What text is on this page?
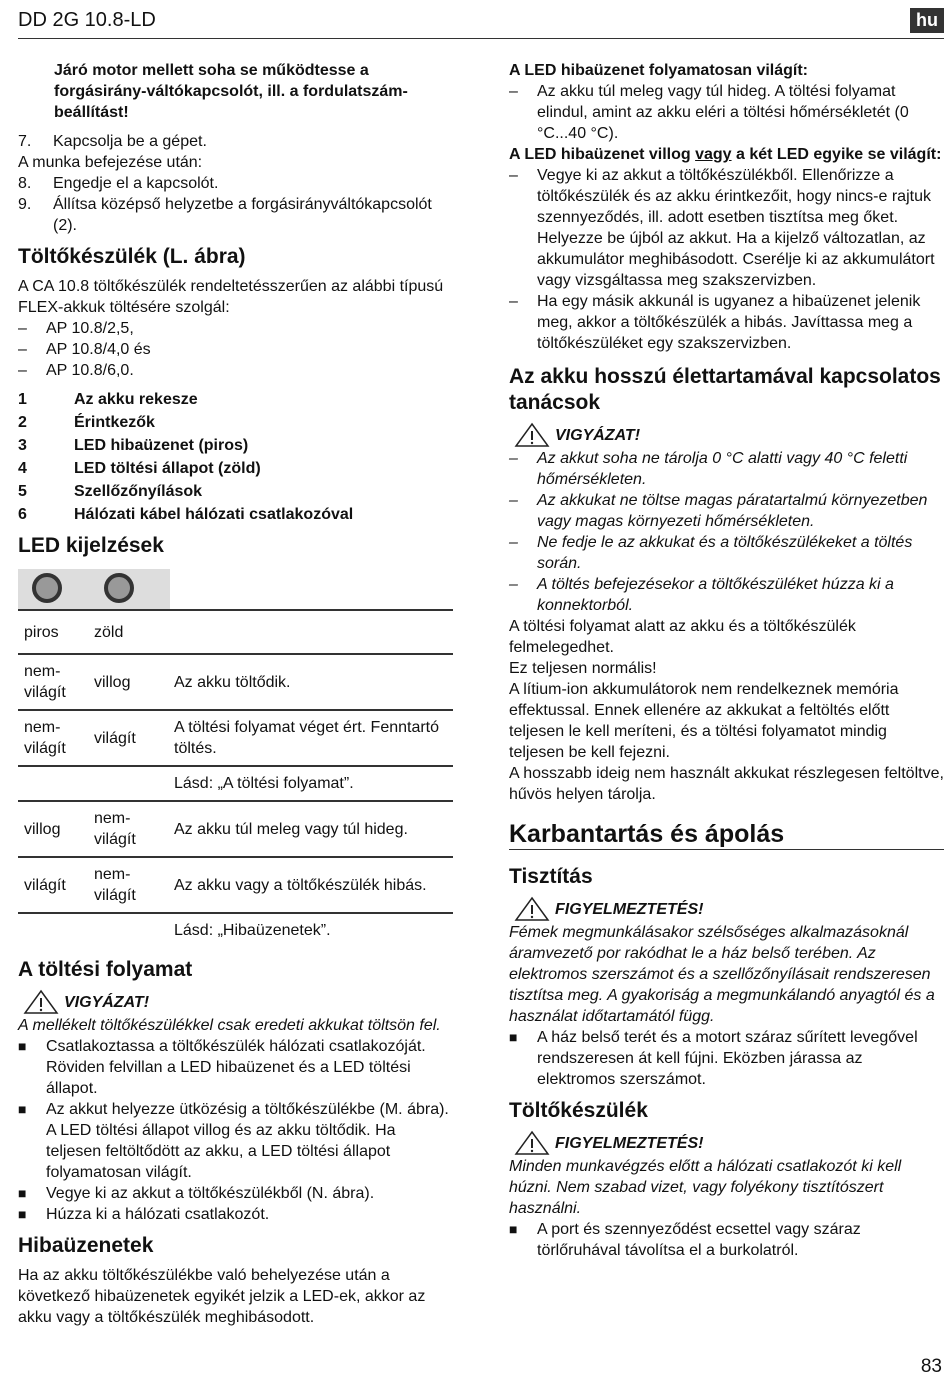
DD 2G 10.8-LD	hu

Járó motor mellett soha se működtesse a forgásirány-váltókapcsolót, ill. a fordulatszám-beállítást!

7.	Kapcsolja be a gépet.

A munka befejezése után:

8.	Engedje el a kapcsolót.
9.	Állítsa középső helyzetbe a forgásirányváltókapcsolót (2).
Töltőkészülék (L. ábra)

A CA 10.8 töltőkészülék rendeltetésszerűen az alábbi típusú FLEX-akkuk töltésére szolgál:

–	AP 10.8/2,5,
–	AP 10.8/4,0 és
–	AP 10.8/6,0.
1	Az akku rekesze
2	Érintkezők
3	LED hibaüzenet (piros)
4	LED töltési állapot (zöld)
5	Szellőzőnyílások
6	Hálózati kábel hálózati csatlakozóval
LED kijelzések

piros	zöld	
nem-világít	villog	Az akku töltődik.
nem-világít	világít	A töltési folyamat véget ért. Fenntartó töltés.
		Lásd: „A töltési folyamat”.
villog	nem-világít	Az akku túl meleg vagy túl hideg.
világít	nem-világít	Az akku vagy a töltőkészülék hibás.
		Lásd: „Hibaüzenetek”.
A töltési folyamat
VIGYÁZAT!

A mellékelt töltőkészülékkel csak eredeti akkukat töltsön fel.

■	Csatlakoztassa a töltőkészülék hálózati csatlakozóját. Röviden felvillan a LED hibaüzenet és a LED töltési állapot.
■	Az akkut helyezze ütközésig a töltőkészülékbe (M. ábra). A LED töltési állapot villog és az akku töltődik. Ha teljesen feltöltődött az akku, a LED töltési állapot folyamatosan világít.
■	Vegye ki az akkut a töltőkészülékből (N. ábra).
■	Húzza ki a hálózati csatlakozót.
Hibaüzenetek

Ha az akku töltőkészülékbe való behelyezése után a következő hibaüzenetek egyikét jelzik a LED-ek, akkor az akku vagy a töltőkészülék meghibásodott.

A LED hibaüzenet folyamatosan világít:

–	Az akku túl meleg vagy túl hideg. A töltési folyamat elindul, amint az akku eléri a töltési hőmérsékletét (0 °C...40 °C).

A LED hibaüzenet villog vagy a két LED egyike se világít:

–	Vegye ki az akkut a töltőkészülékből. Ellenőrizze a töltőkészülék és az akku érintkezőit, hogy nincs-e rajtuk szennyeződés, ill. adott esetben tisztítsa meg őket. Helyezze be újból az akkut. Ha a kijelző változatlan, az akkumulátor meghibásodott. Cserélje ki az akkumulátort vagy vizsgáltassa meg szakszervizben.
–	Ha egy másik akkunál is ugyanez a hibaüzenet jelenik meg, akkor a töltőkészülék a hibás. Javíttassa meg a töltőkészüléket egy szakszervizben.
Az akku hosszú élettartamával kapcsolatos tanácsok
VIGYÁZAT!
–	Az akkut soha ne tárolja 0 °C alatti vagy 40 °C feletti hőmérsékleten.
–	Az akkukat ne töltse magas páratartalmú környezetben vagy magas környezeti hőmérsékleten.
–	Ne fedje le az akkukat és a töltőkészülékeket a töltés során.
–	A töltés befejezésekor a töltőkészüléket húzza ki a konnektorból.

A töltési folyamat alatt az akku és a töltőkészülék felmelegedhet.

Ez teljesen normális!

A lítium-ion akkumulátorok nem rendelkeznek memória effektussal. Ennek ellenére az akkukat a feltöltés előtt teljesen le kell meríteni, és a töltési folyamatot mindig teljesen be kell fejezni.

A hosszabb ideig nem használt akkukat részlegesen feltöltve, hűvös helyen tárolja.

Karbantartás és ápolás
Tisztítás
FIGYELMEZTETÉS!

Fémek megmunkálásakor szélsőséges alkalmazásoknál áramvezető por rakódhat le a ház belső terében. Az elektromos szerszámot és a szellőzőnyílásait rendszeresen tisztítsa meg. A gyakoriság a megmunkálandó anyagtól és a használat időtartamától függ.

■	A ház belső terét és a motort száraz sűrített levegővel rendszeresen át kell fújni. Eközben járassa az elektromos szerszámot.
Töltőkészülék
FIGYELMEZTETÉS!

Minden munkavégzés előtt a hálózati csatlakozót ki kell húzni. Nem szabad vizet, vagy folyékony tisztítószert használni.

■	A port és szennyeződést ecsettel vagy száraz törlőruhával távolítsa el a burkolatról.
83
